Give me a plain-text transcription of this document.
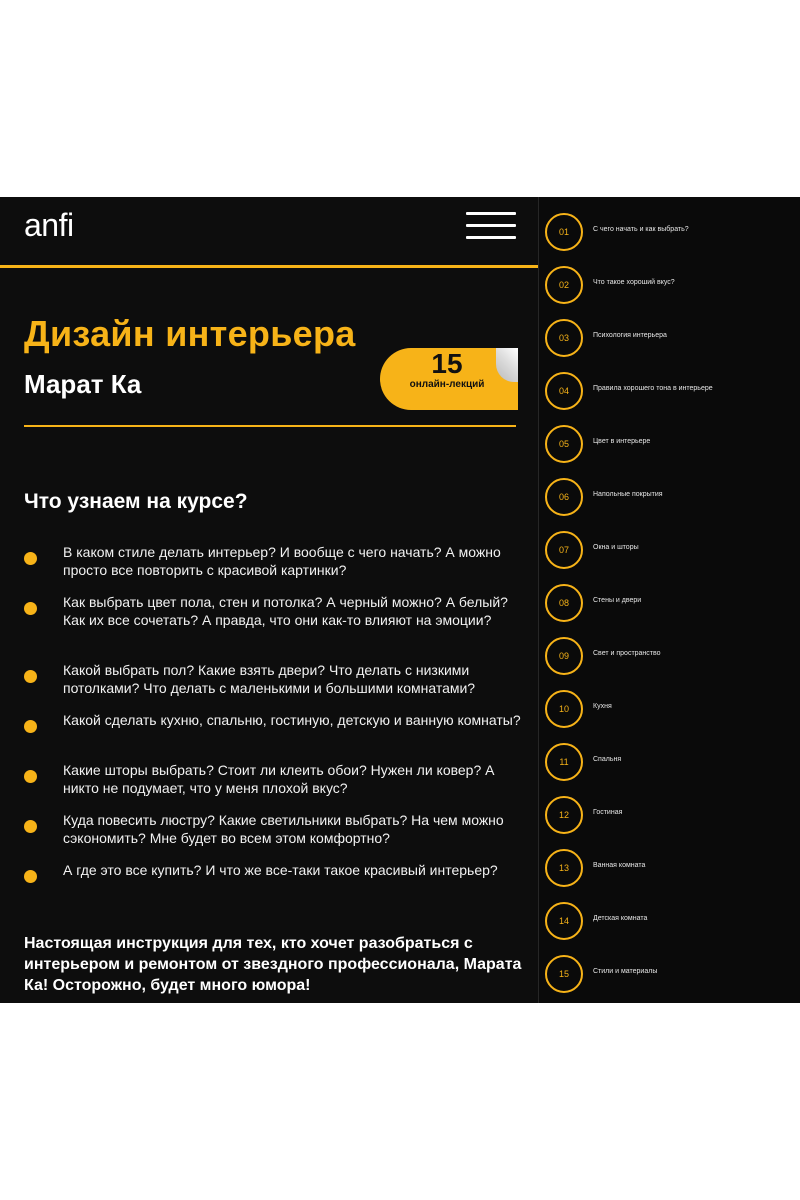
anfi
Дизайн интерьера
Марат Ка
15
онлайн-лекций
Что узнаем на курсе?
В каком стиле делать интерьер? И вообще с чего начать? А можно просто все повторить с красивой картинки?
Как выбрать цвет пола, стен и потолка? А черный можно? А белый? Как их все сочетать? А правда, что они как-то влияют на эмоции?
Какой выбрать пол? Какие взять двери? Что делать с низкими потолками? Что делать с маленькими и большими комнатами?
Какой сделать кухню, спальню, гостиную, детскую и ванную комнаты?
Какие шторы выбрать? Стоит ли клеить обои? Нужен ли ковер? А никто не подумает, что у меня плохой вкус?
Куда повесить люстру? Какие светильники выбрать? На чем можно сэкономить? Мне будет во всем этом комфортно?
А где это все купить? И что же все-таки такое красивый интерьер?
Настоящая инструкция для тех, кто хочет разобраться с интерьером и ремонтом от звездного профессионала, Марата Ка! Осторожно, будет много юмора!
01	С чего начать и как выбрать?
02	Что такое хороший вкус?
03	Психология интерьера
04	Правила хорошего тона в интерьере
05	Цвет в интерьере
06	Напольные покрытия
07	Окна и шторы
08	Стены и двери
09	Свет и пространство
10	Кухня
11	Спальня
12	Гостиная
13	Ванная комната
14	Детская комната
15	Стили и материалы
